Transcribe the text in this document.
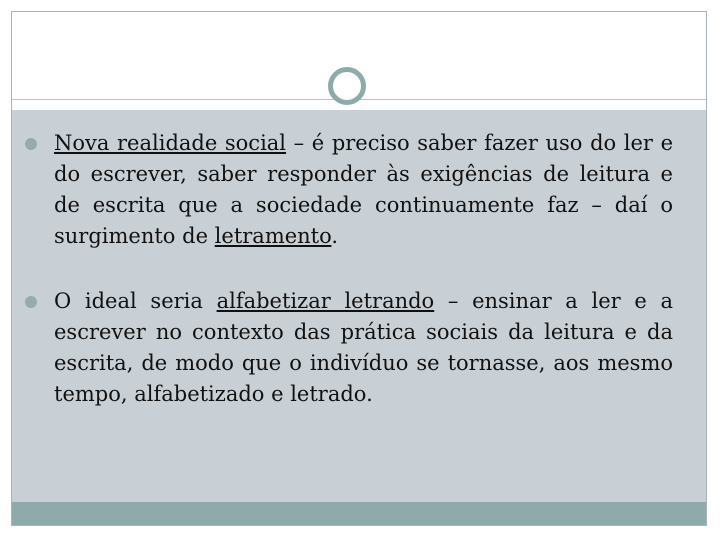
Nova realidade social – é preciso saber fazer uso do ler e do escrever, saber responder às exigências de leitura e de escrita que a sociedade continuamente faz – daí o surgimento de letramento.
O ideal seria alfabetizar letrando – ensinar a ler e a escrever no contexto das prática sociais da leitura e da escrita, de modo que o indivíduo se tornasse, aos mesmo tempo, alfabetizado e letrado.
